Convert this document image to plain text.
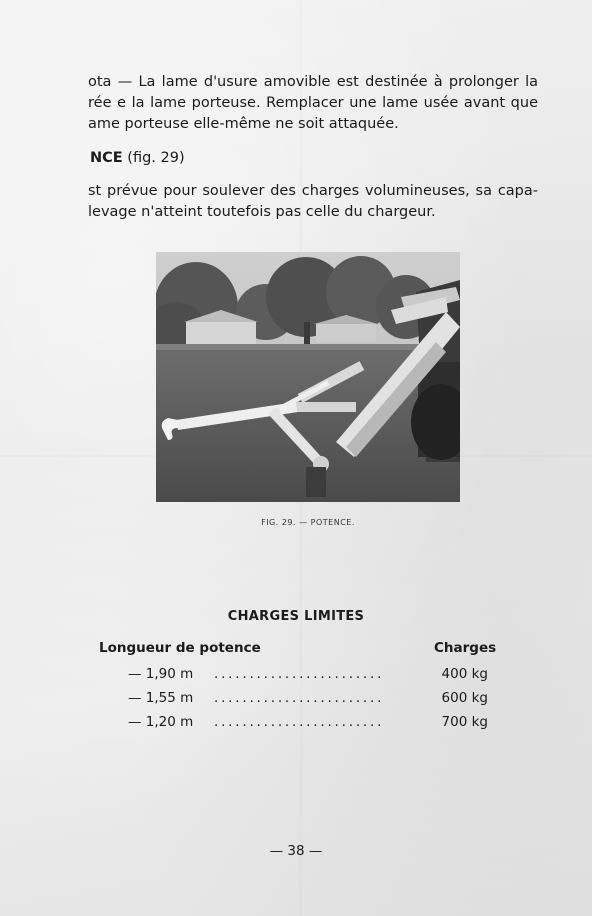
ota — La lame d'usure amovible est destinée à prolonger la
rée e la lame porteuse. Remplacer une lame usée avant que
ame porteuse elle-même ne soit attaquée.

NCE (fig. 29)

st prévue pour soulever des charges volumineuses, sa capa-
levage n'atteint toutefois pas celle du chargeur.

FIG. 29. — POTENCE.
CHARGES LIMITES
Longueur de potence	Charges
— 1,90 m ........................	400 kg
— 1,55 m ........................	600 kg
— 1,20 m ........................	700 kg
— 38 —
